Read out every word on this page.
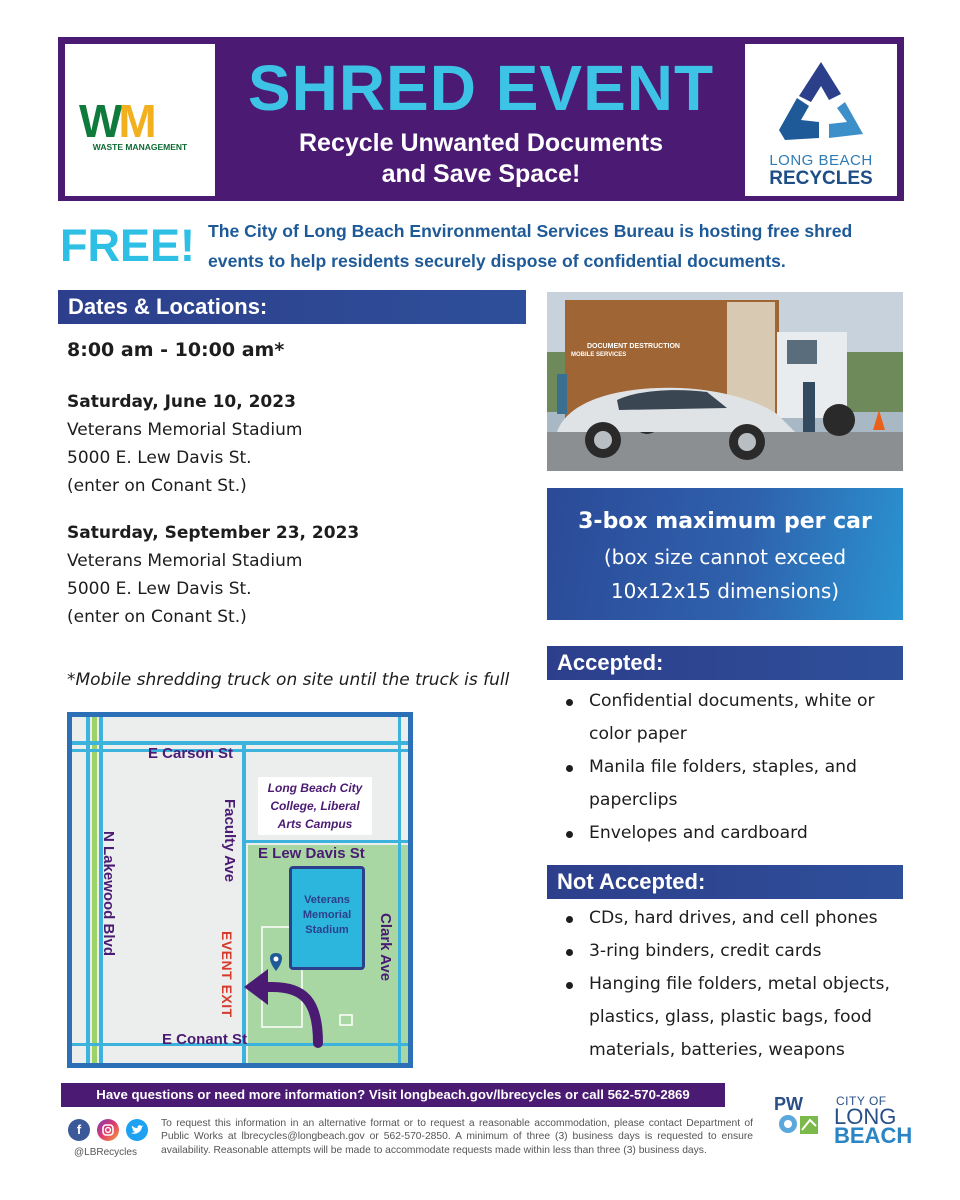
WM
WASTE MANAGEMENT
SHRED EVENT
Recycle Unwanted Documents
and Save Space!	LONG BEACH
RECYCLES
FREE! The City of Long Beach Environmental Services Bureau is hosting free shred events to help residents securely dispose of confidential documents.
Dates & Locations:
8:00 am - 10:00 am*
Saturday, June 10, 2023
Veterans Memorial Stadium
5000 E. Lew Davis St.
(enter on Conant St.)
Saturday, September 23, 2023
Veterans Memorial Stadium
5000 E. Lew Davis St.
(enter on Conant St.)
*Mobile shredding truck on site until the truck is full
E Carson St
Long Beach City College, Liberal Arts Campus
Faculty Ave
N Lakewood Blvd	E Lew Davis St
Veterans Memorial Stadium	Clark Ave
EVENT EXIT
E Conant St
DOCUMENT DESTRUCTION
MOBILE SERVICES
3-box maximum per car
(box size cannot exceed
10x12x15 dimensions)
Accepted:
Confidential documents, white or color paper
Manila file folders, staples, and paperclips
Envelopes and cardboard
Not Accepted:
CDs, hard drives, and cell phones
3-ring binders, credit cards
Hanging file folders, metal objects, plastics, glass, plastic bags, food materials, batteries, weapons
Have questions or need more information? Visit longbeach.gov/lbrecycles or call 562-570-2869
f
@LBRecycles
To request this information in an alternative format or to request a reasonable accommodation, please contact Department of Public Works at lbrecycles@longbeach.gov or 562-570-2850. A minimum of three (3) business days is requested to ensure availability. Reasonable attempts will be made to accommodate requests made within less than three (3) business days.
PW	CITY OF
LONG
BEACH
